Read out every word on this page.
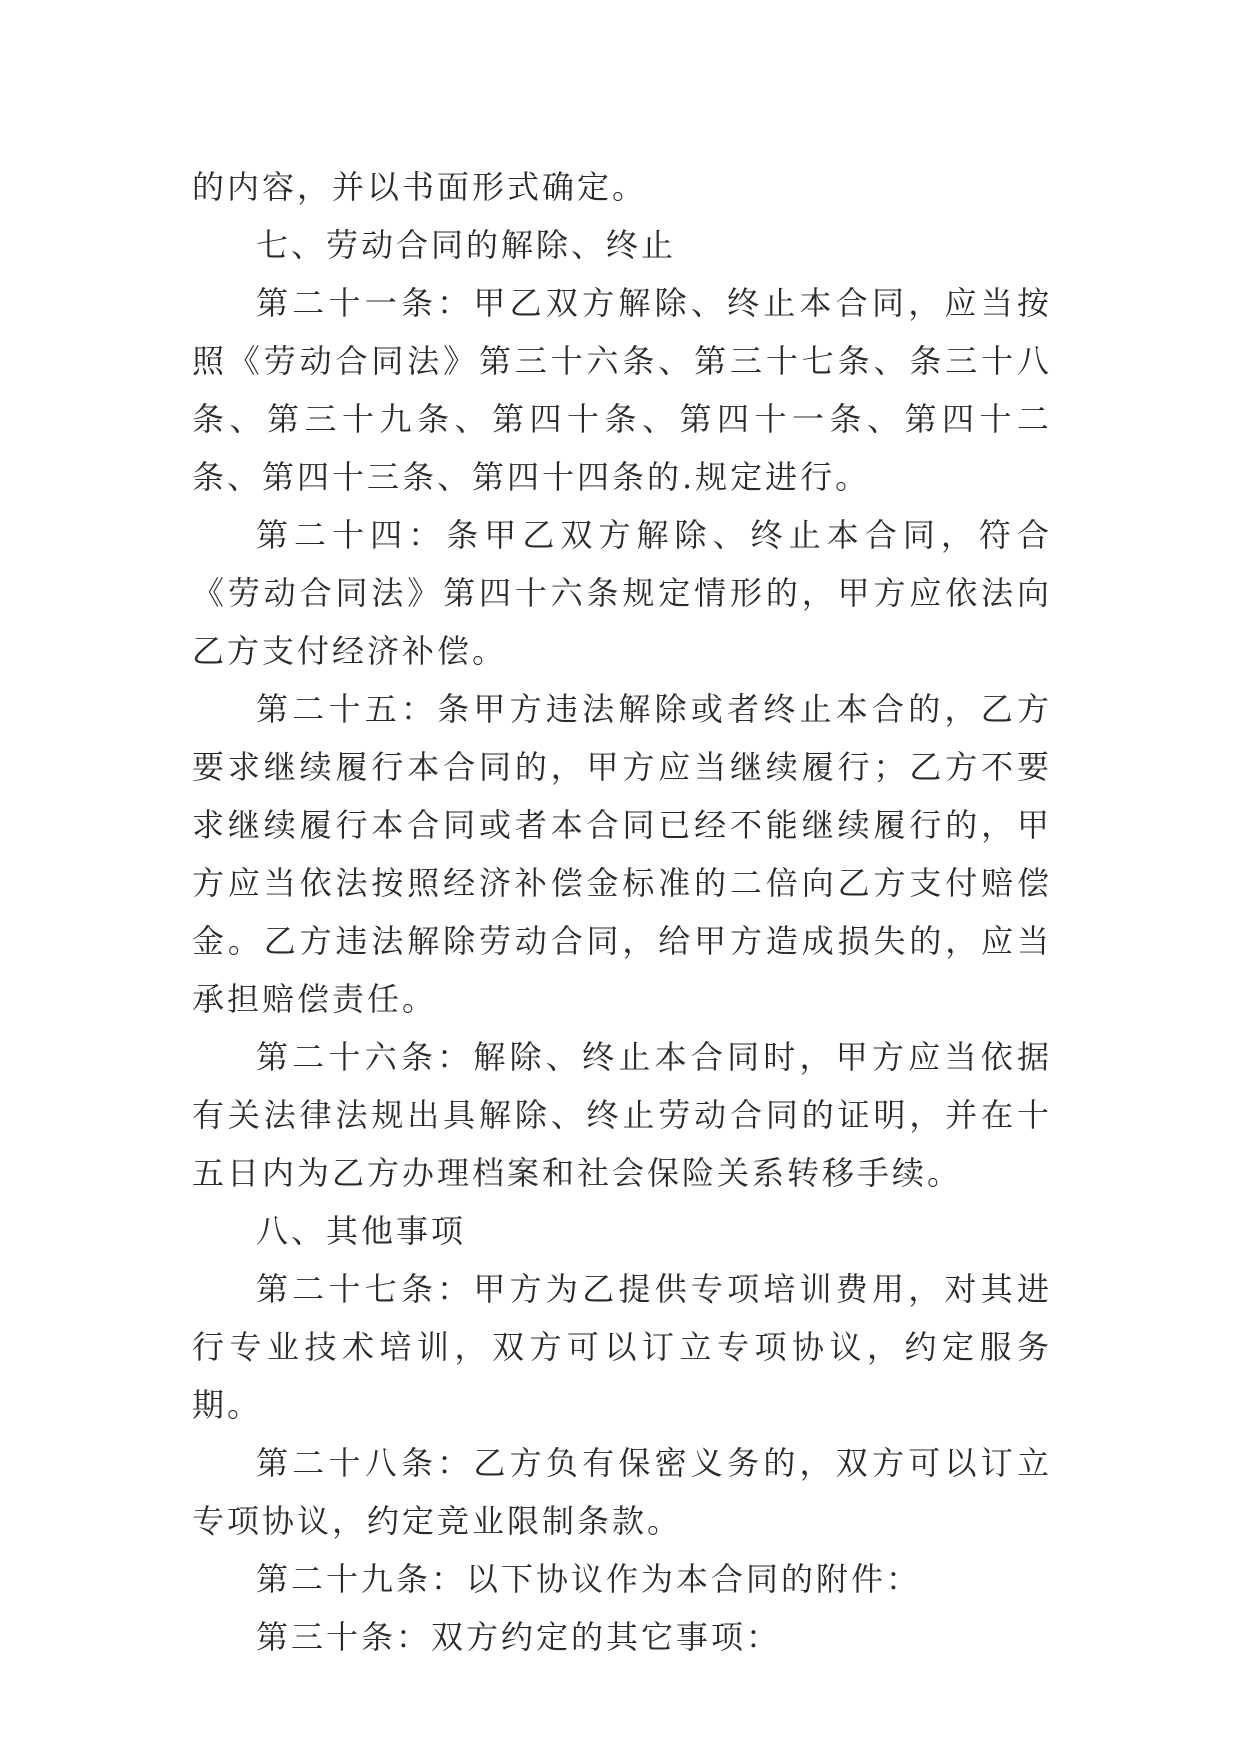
的内容，并以书面形式确定。

七、劳动合同的解除、终止

第二十一条：甲乙双方解除、终止本合同，应当按照《劳动合同法》第三十六条、第三十七条、条三十八条、第三十九条、第四十条、第四十一条、第四十二条、第四十三条、第四十四条的.规定进行。

第二十四：条甲乙双方解除、终止本合同，符合《劳动合同法》第四十六条规定情形的，甲方应依法向乙方支付经济补偿。

第二十五：条甲方违法解除或者终止本合的，乙方要求继续履行本合同的，甲方应当继续履行；乙方不要求继续履行本合同或者本合同已经不能继续履行的，甲方应当依法按照经济补偿金标准的二倍向乙方支付赔偿金。乙方违法解除劳动合同，给甲方造成损失的，应当承担赔偿责任。

第二十六条：解除、终止本合同时，甲方应当依据有关法律法规出具解除、终止劳动合同的证明，并在十五日内为乙方办理档案和社会保险关系转移手续。

八、其他事项

第二十七条：甲方为乙提供专项培训费用，对其进行专业技术培训，双方可以订立专项协议，约定服务期。

第二十八条：乙方负有保密义务的，双方可以订立专项协议，约定竞业限制条款。

第二十九条：以下协议作为本合同的附件：

第三十条：双方约定的其它事项：
